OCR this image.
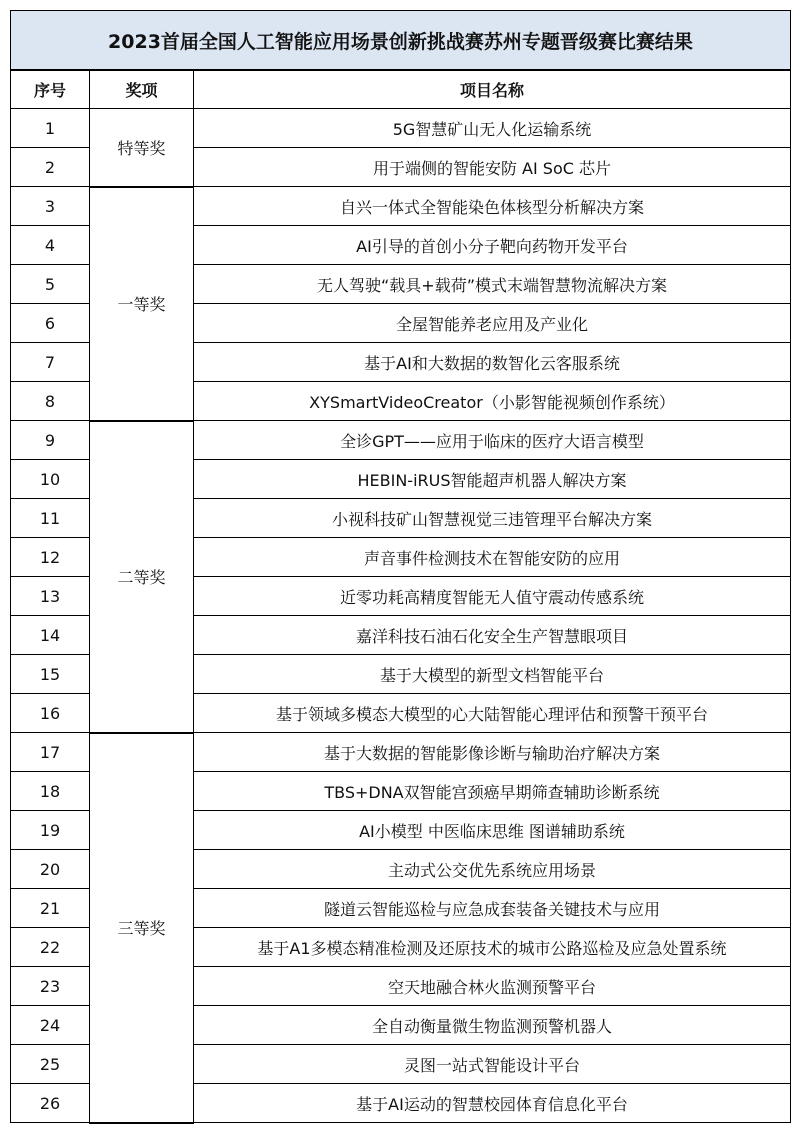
2023首届全国人工智能应用场景创新挑战赛苏州专题晋级赛比赛结果		
序号	奖项	项目名称
1	特等奖	5G智慧矿山无人化运输系统
2		用于端侧的智能安防 AI SoC 芯片
3	一等奖	自兴一体式全智能染色体核型分析解决方案
4		AI引导的首创小分子靶向药物开发平台
5		无人驾驶“载具+载荷”模式末端智慧物流解决方案
6		全屋智能养老应用及产业化
7		基于AI和大数据的数智化云客服系统
8		XYSmartVideoCreator（小影智能视频创作系统）
9	二等奖	全诊GPT——应用于临床的医疗大语言模型
10		HEBIN-iRUS智能超声机器人解决方案
11		小视科技矿山智慧视觉三违管理平台解决方案
12		声音事件检测技术在智能安防的应用
13		近零功耗高精度智能无人值守震动传感系统
14		嘉洋科技石油石化安全生产智慧眼项目
15		基于大模型的新型文档智能平台
16		基于领域多模态大模型的心大陆智能心理评估和预警干预平台
17	三等奖	基于大数据的智能影像诊断与输助治疗解决方案
18		TBS+DNA双智能宫颈癌早期筛查辅助诊断系统
19		AI小模型 中医临床思维 图谱辅助系统
20		主动式公交优先系统应用场景
21		隧道云智能巡检与应急成套装备关键技术与应用
22		基于A1多模态精准检测及还原技术的城市公路巡检及应急处置系统
23		空天地融合林火监测预警平台
24		全自动衡量微生物监测预警机器人
25		灵图一站式智能设计平台
26		基于AI运动的智慧校园体育信息化平台
